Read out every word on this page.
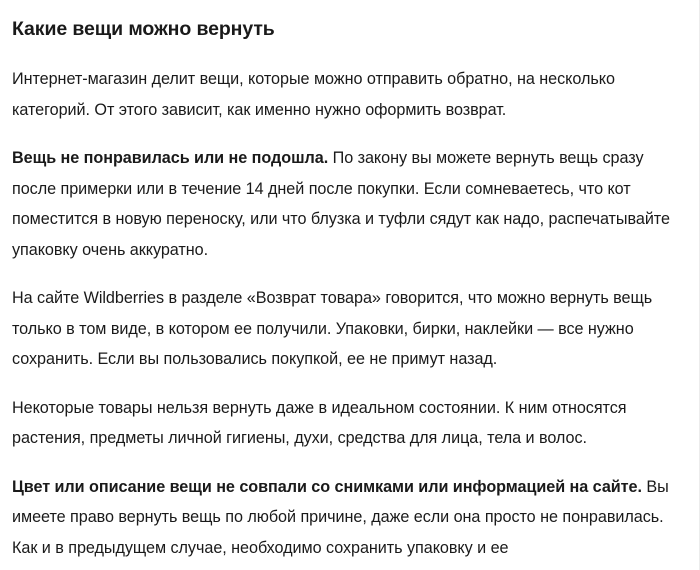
Какие вещи можно вернуть

Интернет-магазин делит вещи, которые можно отправить обратно, на несколько категорий. От этого зависит, как именно нужно оформить возврат.

Вещь не понравилась или не подошла. По закону вы можете вернуть вещь сразу после примерки или в течение 14 дней после покупки. Если сомневаетесь, что кот поместится в новую переноску, или что блузка и туфли сядут как надо, распечатывайте упаковку очень аккуратно.

На сайте Wildberries в разделе «Возврат товара» говорится, что можно вернуть вещь только в том виде, в котором ее получили. Упаковки, бирки, наклейки — все нужно сохранить. Если вы пользовались покупкой, ее не примут назад.

Некоторые товары нельзя вернуть даже в идеальном состоянии. К ним относятся растения, предметы личной гигиены, духи, средства для лица, тела и волос.

Цвет или описание вещи не совпали со снимками или информацией на сайте. Вы имеете право вернуть вещь по любой причине, даже если она просто не понравилась. Как и в предыдущем случае, необходимо сохранить упаковку и ее
